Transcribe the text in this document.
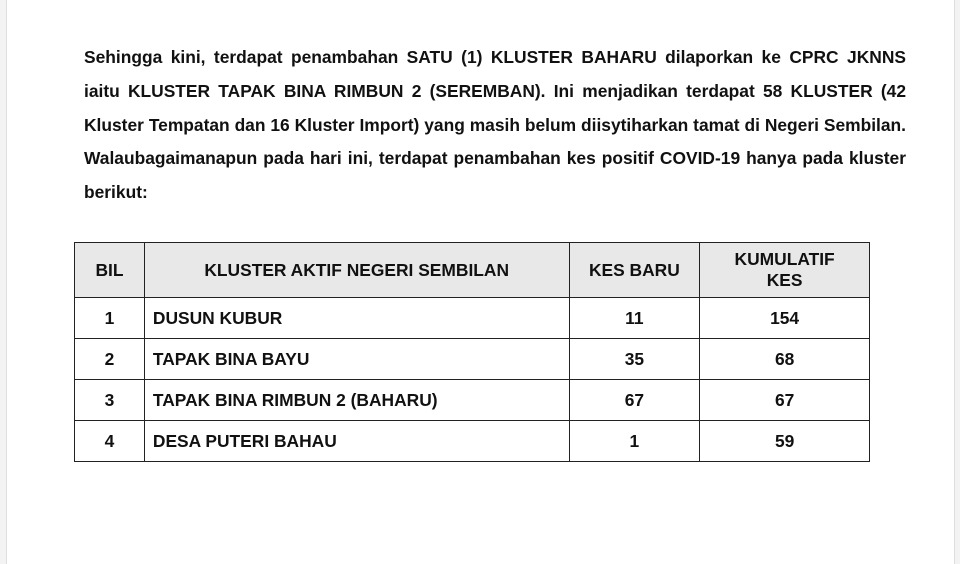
Sehingga kini, terdapat penambahan SATU (1) KLUSTER BAHARU dilaporkan ke CPRC JKNNS iaitu KLUSTER TAPAK BINA RIMBUN 2 (SEREMBAN). Ini menjadikan terdapat 58 KLUSTER (42 Kluster Tempatan dan 16 Kluster Import) yang masih belum diisytiharkan tamat di Negeri Sembilan. Walaubagaimanapun pada hari ini, terdapat penambahan kes positif COVID-19 hanya pada kluster berikut:

BIL	KLUSTER AKTIF NEGERI SEMBILAN	KES BARU	KUMULATIF
KES
1	DUSUN KUBUR	11	154
2	TAPAK BINA BAYU	35	68
3	TAPAK BINA RIMBUN 2 (BAHARU)	67	67
4	DESA PUTERI BAHAU	1	59
